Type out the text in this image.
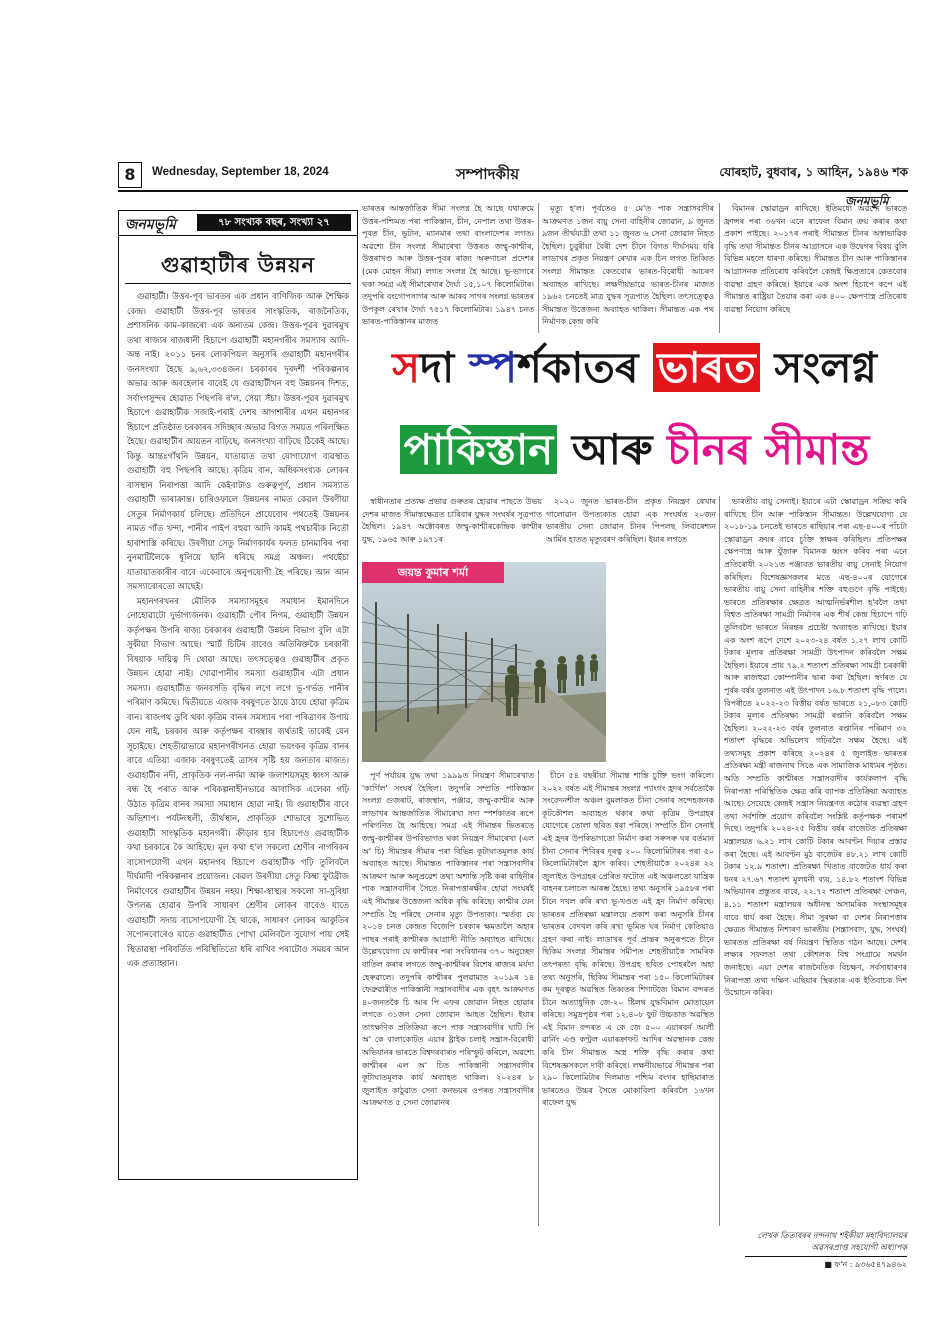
8	Wednesday, September 18, 2024	সম্পাদকীয়	যোৰহাট, বুধবাৰ, ১ আহিন, ১৯৪৬ শক
জনমভূমি
জনমভূমি	৭৮ সংখ্যক বছৰ, সংখ্যা ২৭
গুৱাহাটীৰ উন্নয়ন

গুৱাহাটী। উত্তৰ-পূব ভাৰতৰ এক প্ৰধান বাণিজিক আৰু শৈক্ষিক কেন্দ্ৰ। গুৱাহাটী উত্তৰ-পূব ভাৰতৰ সাংস্কৃতিক, ৰাজনৈতিক, প্ৰশাসনিক কাম-কাজৰো এক অন্যতম কেন্দ্ৰ। উত্তৰ-পূৱৰ দুৱাৰমুখ তথা ৰাজ্যৰ ৰাজধানী হিচাপে গুৱাহাটী মহানগৰীৰ সমস্যাৰ আদি-অন্ত নাই। ২০১১ চনৰ লোকপিয়ল অনুসৰি গুৱাহাটী মহানগৰীৰ জনসংখ্যা হৈছে ৯,৬২,৩৩৪জন। চৰকাৰৰ দূৰদৰ্শী পৰিকল্পনাৰ অভাৱ আৰু অবহেলাৰ বাবেই যে গুৱাহাটীখন বহু উন্নয়নৰ দিশত, সৰ্বাংগসুন্দৰ হোৱাত পিছপৰি ৰ'ল, সেয়া সঁচা। উত্তৰ-পূৱৰ দুৱাৰমুখ হিচাপে গুৱাহাটীক সজাই-পৰাই দেশৰ আগশাৰীৰ এখন মহানগৰ হিচাপে প্ৰতিষ্ঠাত চৰকাৰৰ সদিচ্ছাৰ অভাৱ বিগত সময়ত পৰিলক্ষিত হৈছে। গুৱাহাটীৰ আয়তন বাঢ়িছে, জনসংখ্যা বাঢ়িছে ঠিকেই আছে। কিন্তু আন্তঃগাঁথনি উন্নয়ন, যাতায়াত তথা যোগাযোগ ব্যৱস্থাত গুৱাহাটী বহু পিছপৰি আছে। কৃত্ৰিম বান, অধিকসংখ্যক লোকৰ বাসস্থান নিৰাপত্তা আদি কেইবাটাও গুৰুত্বপূৰ্ণ, প্ৰধান সমস্যাত গুৱাহাটী ভাৰাক্ৰান্ত। চাৰিওফালে উন্নয়নৰ নামত কেৱল উৰণীয়া সেতুৰ নিৰ্মাণকাৰ্য চলিছে। প্ৰতিদিনে প্ৰায়েবোৰ পথতেই উন্নয়নৰ নামত গাঁত খন্দা, পানীৰ পাইপ বহুৱা আদি কামই পথচাৰীক নিতৌ হাৰাশাস্তি কৰিছে। উৰণীয়া সেতু নিৰ্মাণকাৰ্যৰ ফলত চানমাৰিৰ পৰা নুনমাটিলৈকে ধূলিয়ে ছানি ধৰিছে সমগ্ৰ অঞ্চল। পথছেঁচা যাতায়াতকাৰীৰ বাবে একেবাৰে অনুপযোগী হৈ পৰিছে। আন আন সমস্যাবোৰতো আছেই।

মহানগৰখনৰ মৌলিক সমস্যাসমূহৰ সমাধান ইমানদিনে নোহোৱাটো দুৰ্ভাগ্যজনক। গুৱাহাটী পৌৰ নিগম, গুৱাহাটী উন্নয়ন কৰ্তৃপক্ষৰ উপৰি ৰাজ্য চৰকাৰৰ গুৱাহাটী উন্নয়ন বিভাগ বুলি এটা সুকীয়া বিভাগ আছে। স্মাৰ্ট চিটিৰ বাবেও অতিৰিক্তকৈ চৰকাৰী বিষয়াক দায়িত্ব দি থোৱা আছে। তৎসত্ত্বেও গুৱাহাটীৰ প্ৰকৃত উন্নয়ন হোৱা নাই। খোৱাপানীৰ সমস্যা গুৱাহাটীৰ এটা প্ৰধান সমস্যা। গুৱাহাটীত জনবসতি বৃদ্ধিৰ লগে লগে ভূ-গৰ্ভত পানীৰ পৰিমাণ কমিছে। দ্বিতীয়তে এজাক বৰষুণতে ঠায়ে ঠায়ে হোৱা কৃত্ৰিম বান। ৰাজপথ ডুবি থকা কৃত্ৰিম বানৰ সমস্যাৰ পৰা পৰিত্ৰাণৰ উপায় যেন নাই, চৰকাৰ আৰু কৰ্তৃপক্ষৰ বাৰম্বাৰ ব্যৰ্থতাই তাকেই যেন সূচাইছে। শেহতীয়াভাৱে মহানগৰীখনত হোৱা ভয়ংকৰ কৃত্ৰিম বানৰ বাবে এতিয়া এজাক বৰষুণতেই ত্ৰাসৰ সৃষ্টি হয় জনতাৰ মাজত। গুৱাহাটীৰ নদী, প্ৰাকৃতিক নল-নৰ্দমা আৰু জলাশয়সমূহ ধ্বংস আৰু বন্ধ হৈ পৰাত আৰু পৰিকল্পনাহীনভাৱে আবাসিক এলেকা গঢ়ি উঠাত কৃত্ৰিম বানৰ সমস্যা সমাধান হোৱা নাই। যি গুৱাহাটীৰ বাবে অভিশাপ। পৰ্যটনস্থলী, তীৰ্থস্থান, প্ৰাকৃতিক শোভাৰে সুশোভিত গুৱাহাটী সাংস্কৃতিক মহানগৰী। ক্ৰীড়াৰ হাব হিচাপেও গুৱাহাটীক কথা চৰকাৰে কৈ আহিছে। মূল কথা হ'ল সকলো শ্ৰেণীৰ নাগৰিকৰ বাসোপযোগী এখন মহানগৰ হিচাপে গুৱাহাটীক গঢ়ি তুলিবলৈ দীৰ্ঘমাদী পৰিকল্পনাৰ প্ৰয়োজন। কেৱল উৰণীয়া সেতু কিম্বা ফুটব্ৰীজ নিৰ্মাণেৰে গুৱাহাটীৰ উন্নয়ন নহয়। শিক্ষা-স্বাস্থ্যৰ সকলো সা-সুবিধা উপলব্ধ হোৱাৰ উপৰি সাধাৰণ শ্ৰেণীৰ লোকৰ বাবেও যাতে গুৱাহাটী সদায় বাসোপযোগী হৈ থাকে, সাধাৰণ লোকৰ আকুতিৰ সপোনবোৰেও যাতে গুৱাহাটীত পোখা মেলিবলৈ সুযোগ পায় সেই স্থিতাৱস্থা পৰিবৰ্তিত পৰিস্থিতিতো ধৰি ৰাখিব পৰাটোও সময়ৰ আন এক প্ৰত্যাহ্বান।

ভাৰতৰ আন্তৰ্জাতিক সীমা সংলগ্ন হৈ আছে যথাক্ৰমে উত্তৰ-পশ্চিমত পৰা পাকিস্তান, চীন, নেপাল তথা উত্তৰ-পূবত চীন, ভূটান, ম্যানমাৰ তথা বাংলাদেশৰ লগত। অৱশ্যে চীন সংলগ্ন সীমাৰেখা উত্তৰত জম্মু-কাশ্মীৰ, উত্তৰাখণ্ড আৰু উত্তৰ-পূবৰ ৰাজ্য অৰুণাচল প্ৰদেশৰ (মেক মোহন সীমা) লগত সংলগ্ন হৈ আছে। ভূ-ভাগৰে থকা সমগ্ৰ এই সীমাৰেখাৰ দৈৰ্ঘ্য ১৫,১০৭ কিলোমিটাৰ। তদুপৰি বংগোপসাগৰ আৰু আৰব সাগৰ সংলগ্ন ভাৰতৰ উপকূল ৰেখাৰ দৈৰ্ঘ্য ৭৫১৭ কিলোমিটাৰ। ১৯৪৭ চনত ভাৰত-পাকিস্তানৰ মাজত

মৃত্যু হ'ল। পূৰ্বতেও ৫ মে'ত পাক সন্ত্ৰাসবাদীৰ আক্ৰমণত ১জন বায়ু সেনা বাহিনীৰ জোৱান, ৯ জুনত ৯জন তীৰ্থযাত্ৰী তথা ১১ জুনত ৬ সেনা জোৱান নিহত হৈছিল। চুবুৰীয়া বৈৰী দেশ চীনে বিগত দীৰ্ঘসময় ধৰি লাডাখৰ প্ৰকৃত নিয়ন্ত্ৰণ ৰেখাৰ এক চিন লগত তিব্বিত সংলগ্ন সীমান্তত কেতবোৰ ভাৰত-বিৰোধী আচৰণ অব্যাহত ৰাখিছে। লক্ষণীয়ভাৱে ভাৰত-চীনৰ মাজত ১৯৬২ চনতেই মাত্ৰ যুদ্ধৰ সূত্ৰপাত হৈছিল। তৎসত্ত্বেও সীমান্তত উত্তেজনা অব্যাহত থাকিল। সীমান্তত এক পথ নিৰ্মাণক কেন্দ্ৰ কৰি

বিমানৰ স্কোৱাড্ৰন ৰাখিছে। ইতিমধ্যে অৱশ্যে ভাৰতে ফ্ৰান্সৰ পৰা ৩৬খন এনে ৰাফেল বিমান ক্ৰয় কৰাৰ কথা প্ৰকাশ পাইছে। ২০১৭ৰ পৰাই সীমান্তত চীনৰ অস্বাভাৱিক বৃদ্ধি তথা সীমান্তত চীনৰ আগ্ৰাসনে এক উদ্বেগৰ বিষয় বুলি বিভিন্ন মহলে ধাৰণা কৰিছে। সীমান্তত চীন আৰু পাকিস্তানৰ আগ্ৰাসনক প্ৰতিৰোধ কৰিবলৈ কেন্দ্ৰই ক্ষিপ্ৰতাৰে কেতবোৰ ব্যৱস্থা গ্ৰহণ কৰিছে। ইয়াৰে এক অংশ হিচাপে কপে এই সীমান্তত ৰাষ্ট্ৰিয়া তৈয়াৰ কৰা এক ৪০০ ক্ষেপণাস্ত্ৰ প্ৰতিৰোধ ব্যৱস্থা নিয়োগ কৰিছে

সদা স্পৰ্শকাতৰ ভাৰত সংলগ্ন
পাকিস্তান আৰু চীনৰ সীমান্ত

স্বাধীনতাৰ প্ৰত্যক্ষ প্ৰভাৱ গুৰুতৰ হোৱাৰ পাছতে উভয় দেশৰ মাজত সীমান্তক্ষেত্ৰত চাৰিবাৰ যুদ্ধৰ সংঘৰ্ষৰ সূত্ৰপাত হৈছিল। ১৯৪৭ অক্টোবৰত জম্মু-কাশ্মীৰকেন্দ্ৰিক কাশ্মীৰ যুদ্ধ, ১৯৬৫ আৰু ১৯৭১ৰ

২০২০ জুনত ভাৰত-চীন প্ৰকৃত নিয়ন্ত্ৰণ ৰেখাৰ গালোৱান উপত্যকাত হোৱা এক সংঘৰ্ষত ২০জন ভাৰতীয় সেনা জোৱান চীনৰ পিপলছ লিবাৰেশ্যন আৰ্মিৰ হাতত মৃত্যুবৰণ কৰিছিল। ইয়াৰ লগতে

ভাৰতীয় বায়ু সেনাই। ইয়াৰে এটা স্কোৱাড্ৰন সক্ৰিয় কৰি ৰাখিছে চীন আৰু পাকিস্তান সীমান্তত। উল্লেখযোগ্য যে ২০১৮-১৯ চনতেই ভাৰতে ৰাছিয়াৰ পৰা এছ-৪০০ৰ পাঁচটা স্কোৱাড্ৰন ক্ৰয়ৰ বাবে চুক্তি স্বাক্ষৰ কৰিছিল। প্ৰতিপক্ষৰ ক্ষেপণাস্ত্ৰ আৰু যুঁজাৰু বিমানক ধ্বংস কৰিব পৰা এনে প্ৰতিৰোধী ২০২১ত পঞ্জাবত ভাৰতীয় বায়ু সেনাই নিয়োগ কৰিছিল। বিশেষজ্ঞসকলৰ মতে এছ-৪০০ৰ যোগেৰে ভাৰতীয় বায়ু সেনা বাহিনীৰ শক্তি বহুগুণে বৃদ্ধি পাইছে। ভাৰতে প্ৰতিৰক্ষাৰ ক্ষেত্ৰত আত্মনিৰ্ভৰশীল হ'বলৈ তথা বিশ্বত প্ৰতিৰক্ষা সামগ্ৰী নিৰ্মাণৰ এক শীৰ্ষ কেন্দ্ৰ হিচাপে গঢ়ি তুলিবলৈ ভাৰতে নিৰন্তৰ প্ৰচেষ্টা অব্যাহত ৰাখিছে। ইয়াৰ এক অংশ ৰূপে দেশে ২০২৩-২৪ বৰ্ষত ১.২৭ লাখ কোটি টকাৰ মূল্যৰ প্ৰতিৰক্ষা সামগ্ৰী উৎপাদন কৰিবলৈ সক্ষম হৈছিল। ইয়াৰে প্ৰায় ৭৯.২ শতাংশ প্ৰতিৰক্ষা সামগ্ৰী চৰকাৰী আৰু ৰাজহুৱা কোম্পানীৰ দ্বাৰা কৰা হৈছিল। স্বৰ্ণৰত যে পূৰ্বৰ বৰ্ষৰ তুলনাত এই উৎপাদন ১৬.৮ শতাংশ বৃদ্ধি পালে। বিপৰীতে ২০২২-২৩ বিত্তীয় বৰ্ষত ভাৰতে ২১,০৮৩ কোটি টকাৰ মূল্যৰ প্ৰতিৰক্ষা সামগ্ৰী ৰপ্তানি কৰিবলৈ সক্ষম হৈছিল। ২০২২-২৩ বৰ্ষৰ তুলনাত ৰপ্তানিৰ পৰিমাণ ৩২ শতাংশ বৃদ্ধিৰে অভিলেখ গঢ়িবলৈ সক্ষম হৈছে। এই তথ্যসমূহ প্ৰকাশ কৰিছে ২০২৪ৰ ৫ জুলাইত ভাৰতৰ প্ৰতিৰক্ষা মন্ত্ৰী ৰাজনাথ সিঙে এক সামাজিক মাধ্যমৰ পৃষ্ঠত। অতি সম্প্ৰতি কাশ্মীৰত সন্ত্ৰাসবাদীৰ কাৰ্যকলাপ বৃদ্ধি নিৰাপত্তা পৰিস্থিতিক ক্ষেত্ৰ কৰি ব্যাপক প্ৰতিক্ৰিয়া অব্যাহত আছে। সেয়েহে কেন্দ্ৰই সন্ত্ৰাস নিয়ন্ত্ৰণত কঠোৰ ব্যৱস্থা গ্ৰহণ তথা সৰ্বশক্তি প্ৰয়োগ কৰিবলৈ সংশ্লিষ্ট কৰ্তৃপক্ষক পৰামৰ্শ দিছে। তদুপৰি ২০২৪-২৫ বিত্তীয় বৰ্ষৰ বাজেটত প্ৰতিৰক্ষা মন্ত্ৰালয়ত ৬.২১ লাখ কোটি টকাৰ আবণ্টন দিয়াৰ প্ৰস্তাৱ কৰা হৈছে। এই আবণ্টন মুঠ বাজেটৰ ৪৮.২১ লাখ কোটি টকাৰ ১২.৯ শতাংশ। প্ৰতিৰক্ষা খিতাত বাজেটত ধাৰ্য কৰা ধনৰ ২৭.৬৭ শতাংশ মূলধনী ব্যয়, ১৪.৮২ শতাংশ বিভিন্ন অভিযানৰ প্ৰস্তুতৰ বাবে, ২২.৭২ শতাংশ প্ৰতিৰক্ষা পেঞ্চন, ৪.১১ শতাংশ মন্ত্ৰালয়ৰ অধীনস্থ অসামৰিক সংস্থাসমূহৰ বাবে ধাৰ্য কৰা হৈছে। সীমা সুৰক্ষা বা দেশৰ নিৰাপত্তাৰ ক্ষেত্ৰত সীমান্তত নিশাৰণ ভাৰতীয় (সন্ত্ৰাসবাদ, যুদ্ধ, সংঘৰ্ষ) ভাৰতত প্ৰতিৰক্ষা বৰ্ষ নিয়ন্ত্ৰণ স্থিতিত গঠন আছে। দেশৰ লক্ষ্যৰ সফলতা তথা কৌশলক বিশ্ব সংগ্ৰামে সমৰ্থন জনাইছে। এয়া দেশৰ ৰাজনৈতিক বিচক্ষণ, সৰ্বসাধাৰণৰ নিৰাপত্তা তথা দক্ষিণ এছিয়াৰ স্থিৰতাৰ এক ইতিবাচক দিশ উন্মোচন কৰিব।

জয়ন্ত কুমাৰ শৰ্মা

পূৰ্ণ পৰ্যায়ৰ যুদ্ধ তথা ১৯৯৯ত নিয়ন্ত্ৰণ সীমাৰেখাত 'কাৰ্গিল' সংঘৰ্ষ হৈছিল। তদুপৰি সম্প্ৰতি পাকিস্তান সংলগ্ন গুজৰাট, ৰাজস্থান, পঞ্জাৱ, জম্মু-কাশ্মীৰ আৰু লাডাখৰ আন্তৰ্জাতিক সীমাৰেখা সদা স্পৰ্শকাতৰ ৰূপে পৰিগণিত হৈ আহিছে। সমগ্ৰ এই সীমান্তৰ ভিতৰতে জম্মু-কাশ্মীৰৰ উপবিভাগত থকা নিয়ন্ত্ৰণ সীমাৰেখা (এল অ' চি) সীমান্তৰ সীমাৰ পৰা বিভিন্ন কূটাঘাতমূলক কাৰ্য অব্যাহত আছে। সীমান্তত পাকিস্তানৰ পৰা সন্ত্ৰাসবাদীৰ আক্ৰমণ আৰু অনুপ্ৰৱেশ তথা অশান্তি সৃষ্টি কৰা বাহিনীৰ পাক সন্ত্ৰাসবাদীৰ সৈতে নিৰাপত্তাৰক্ষীৰ হোৱা সংঘৰ্ষই এই সীমান্তৰ উত্তেজনা অধিক বৃদ্ধি কৰিছে। কাশ্মীৰ যেন সম্প্ৰতি হৈ পৰিছে সেনাৰ মৃত্যু উপত্যকা। স্মৰ্তব্য যে ২০১৪ চনত কেন্দ্ৰত বিজেপি চৰকাৰ ক্ষমতালৈ অহাৰ পাছৰ পৰাই কাশ্মীৰক আগ্ৰাসী নীতি অব্যাহত ৰাখিছে। উল্লেখযোগ্য যে কাশ্মীৰৰ পৰা সংবিধানৰ ৩৭০ অনুচ্ছেদ বাতিল কৰাৰ লগতে জম্মু-কাশ্মীৰৰ বিশেষ ৰাজ্যৰ মৰ্যদা হেৰুৱালে। তদুপৰি কাশ্মীৰৰ পুলৱামাত ২০১৯ৰ ১৪ ফেব্ৰুৱাৰীত পাকিস্তানী সন্ত্ৰাসবাদীৰ এক বৃহৎ আক্ৰমণত ৪০জনতকৈ চি আৰ পি এফৰ জোৱান নিহত হোৱাৰ লগতে ৩১জন সেনা জোৱান আহত হৈছিল। ইয়াৰ তাৎক্ষণিক প্ৰতিক্ৰিয়া ৰূপে পাক সন্ত্ৰাসবাদীৰ ঘাটি পি অ' কে বালাকোটত এয়াৰ ষ্ট্ৰাইক চলাই সন্ত্ৰাস-বিৰোধী অভিযানৰ ভাৰতে বিশ্বদৰবাৰত পৰিস্ফুট কৰিলে, অৱশ্যে কাশ্মীৰৰ এল অ' চিত পাকিস্তানী সন্ত্ৰাসবাদীৰ কূটাঘাতমূলক কাৰ্য অব্যাহত থাকিল। ২০২৪ৰ ৮ জুলাইত কাঠুৱাত সেনা কনভয়ৰ ওপৰত সন্ত্ৰাসবাদীৰ আক্ৰমণত ৫ সেনা জোৱানৰ

চীনে ৫৪ বছৰীয়া সীমান্ত শান্তি চুক্তি ভংগ কৰিলে। ২০২২ বৰ্ষত এই সীমান্তৰ সংলগ্ন প্যাংগং হ্ৰদৰ সৰ্বতোকৈ সংবেদনশীল অঞ্চল বুমলাকত চীনা সেনাৰ সন্দেহজনক কূটকৌশল অব্যাহত থকাৰ কথা কৃত্ৰিম উপগ্ৰহৰ যোগেৰে তোলা ছবিত ধৰা পৰিছে। সম্প্ৰতি চীন সেনাই এই হ্ৰদৰ উপৰিভাগতো নিৰ্মাণ কৰা সৰুসৰু ঘৰ বৰ্তমান চীনা সেনাৰ শিবিৰৰ দূৰত্ব ২০০ কিলোমিটাৰৰ পৰা ৫০ কিলোমিটাৰলৈ হ্ৰাস কৰিব। শেহতীয়াকৈ ২০২৪ৰ ২২ জুলাইত উপগ্ৰহৰ প্ৰেৰিত ফটোত এই অঞ্চলতো যান্ত্ৰিক বাহনৰ চলাচল আৰম্ভ হৈছে। তথ্য অনুসৰি ১৯৫৮ৰ পৰা চীনে দখল কৰি ৰখা ভূ-খণ্ডত এই হ্ৰদ নিৰ্মাণ কৰিছে। ভাৰতৰ প্ৰতিৰক্ষা মন্ত্ৰালয়ে প্ৰকাশ কৰা অনুসৰি চীনৰ ভাৰতৰ বেদখল কৰি ৰখা ভূমিত ঘৰ নিৰ্মাণ কেতিয়াও গ্ৰহণ কৰা নাই। লাডাখৰ পূৰ্ব প্ৰান্তৰ অনুৰূপতে চীনে ছিকিম সংলগ্ন সীমান্তৰ সমীপত শেহতীয়াকৈ সামৰিক তৎপৰতা বৃদ্ধি কৰিছে। উপগ্ৰহ ছবিত পোহৰলৈ অহা তথ্য অনুসৰি, ছিকিম সীমান্তৰ পৰা ১৫০ কিলোমিটাৰৰ কম দূৰত্বত অৱস্থিত তিব্বতৰ শিগাটজে বিমান বন্দৰত চীনে অত্যাধুনিক জে-২০ ষ্টিলথ যুদ্ধবিমান মোতায়েন কৰিছে। সমুদ্ৰপৃষ্ঠৰ পৰা ১২,৪০৮ ফুট উচ্চতাত অৱস্থিত এই বিমান বন্দৰত এ কে জে ৫০০ এয়াৰবৰ্ন আৰ্লী ৱাৰ্নিং এণ্ড কণ্ট্ৰল এয়াৰক্ৰাফট আদিৰ অৱস্থানক কেন্দ্ৰ কৰি চীন সীমান্তত অস্ত্ৰ শক্তি বৃদ্ধি কৰাৰ কথা বিশেষজ্ঞসকলে দাবী কৰিছে। লক্ষণীয়ভাৱে সীমান্তৰ পৰা ২৯০ কিলোমিটাৰ দিলমাত পশ্চিম বংগৰ হাছিমাৰাত ভাৰতেও উচ্চৰ সৈতে মোকাবিলা কৰিবলৈ ১৬খন ৰাফেল যুদ্ধ

লেখক তিতাবৰৰ নন্দনাথ শইকীয়া মহাবিদ্যালয়ৰ অৱসৰপ্ৰাপ্ত সহযোগী অধ্যাপক
■ ফ'ন : ৯৩৬৫৪৭৯৪৬২
